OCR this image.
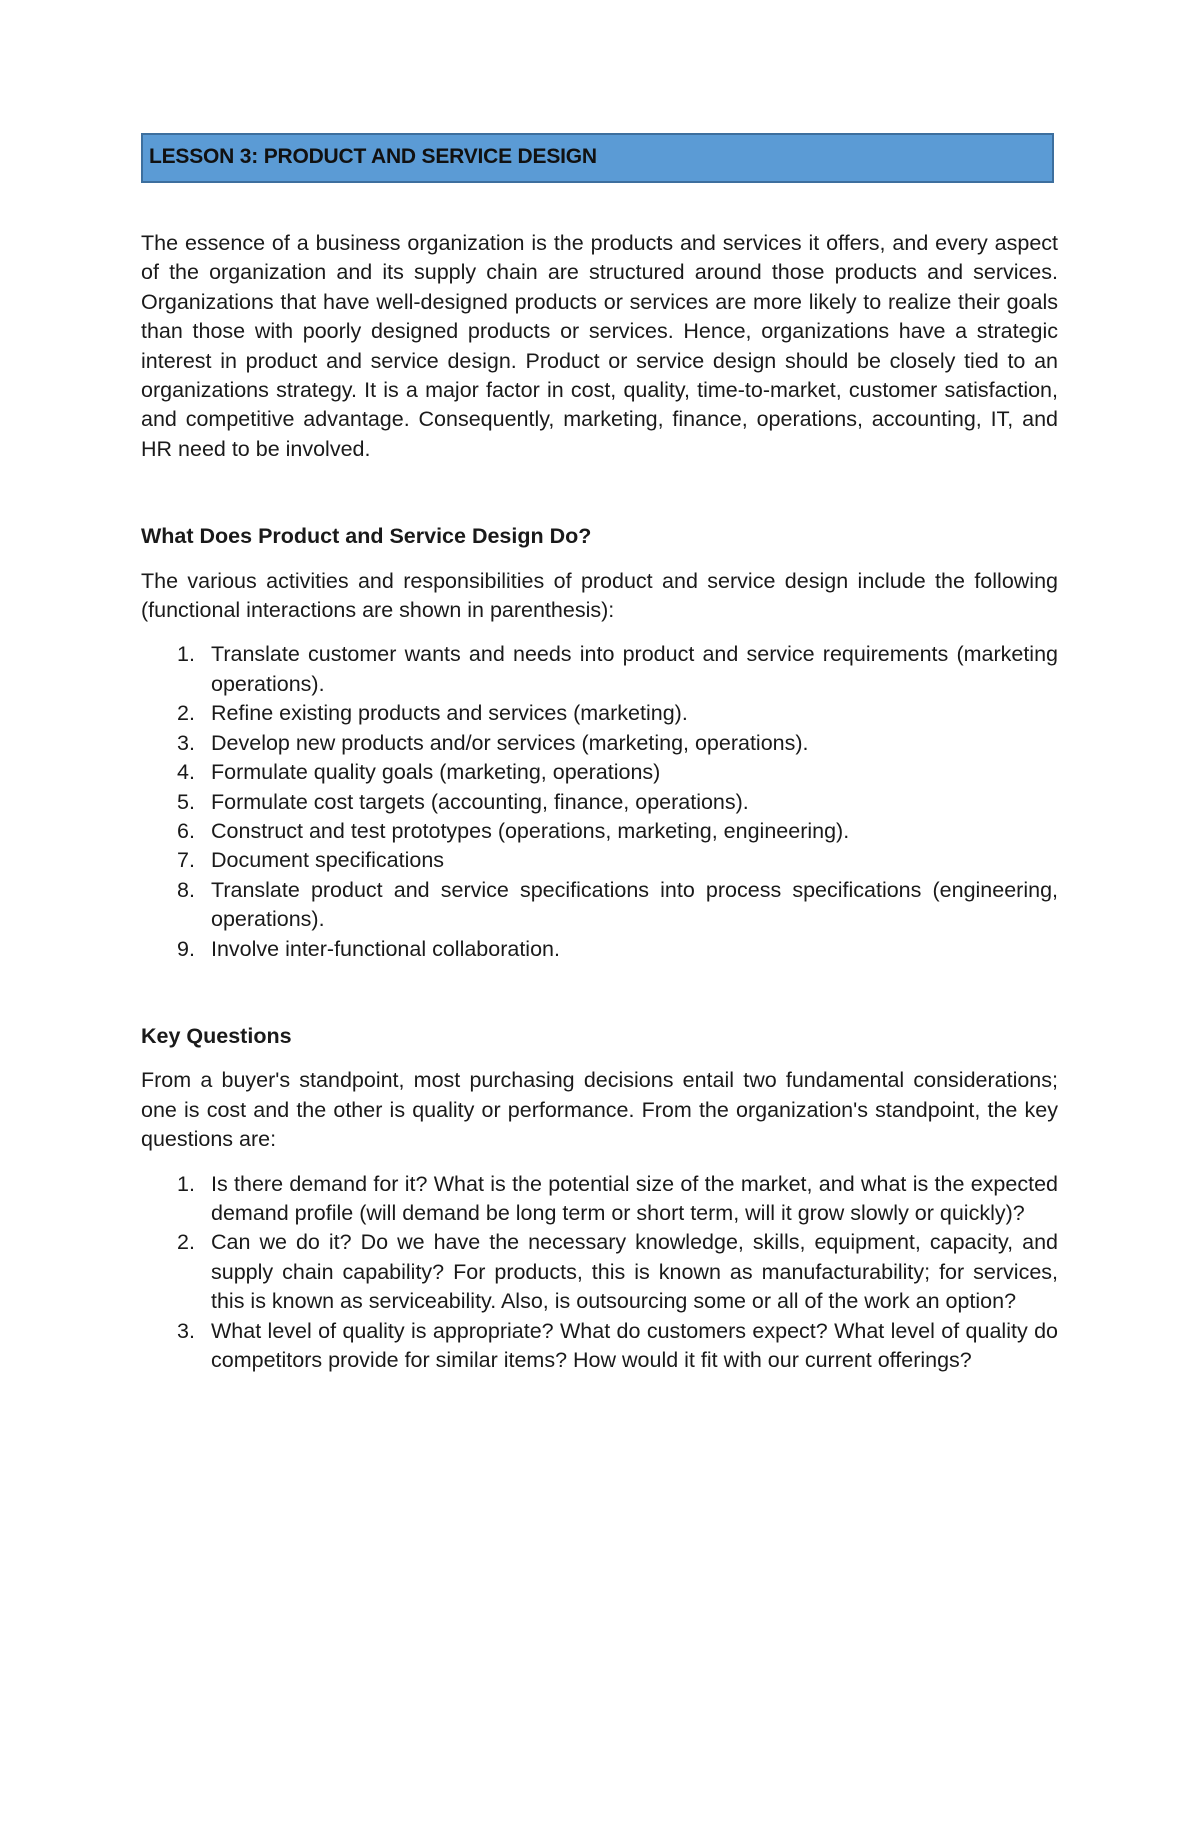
LESSON 3: PRODUCT AND SERVICE DESIGN

The essence of a business organization is the products and services it offers, and every aspect of the organization and its supply chain are structured around those products and services. Organizations that have well-designed products or services are more likely to realize their goals than those with poorly designed products or services. Hence, organizations have a strategic interest in product and service design. Product or service design should be closely tied to an organizations strategy. It is a major factor in cost, quality, time-to-market, customer satisfaction, and competitive advantage. Consequently, marketing, finance, operations, accounting, IT, and HR need to be involved.

What Does Product and Service Design Do?

The various activities and responsibilities of product and service design include the following (functional interactions are shown in parenthesis):

1. Translate customer wants and needs into product and service requirements (marketing operations).
2. Refine existing products and services (marketing).
3. Develop new products and/or services (marketing, operations).
4. Formulate quality goals (marketing, operations)
5. Formulate cost targets (accounting, finance, operations).
6. Construct and test prototypes (operations, marketing, engineering).
7. Document specifications
8. Translate product and service specifications into process specifications (engineering, operations).
9. Involve inter-functional collaboration.
Key Questions

From a buyer's standpoint, most purchasing decisions entail two fundamental considerations; one is cost and the other is quality or performance. From the organization's standpoint, the key questions are:

1. Is there demand for it? What is the potential size of the market, and what is the expected demand profile (will demand be long term or short term, will it grow slowly or quickly)?
2. Can we do it? Do we have the necessary knowledge, skills, equipment, capacity, and supply chain capability? For products, this is known as manufacturability; for services, this is known as serviceability. Also, is outsourcing some or all of the work an option?
3. What level of quality is appropriate? What do customers expect? What level of quality do competitors provide for similar items? How would it fit with our current offerings?
